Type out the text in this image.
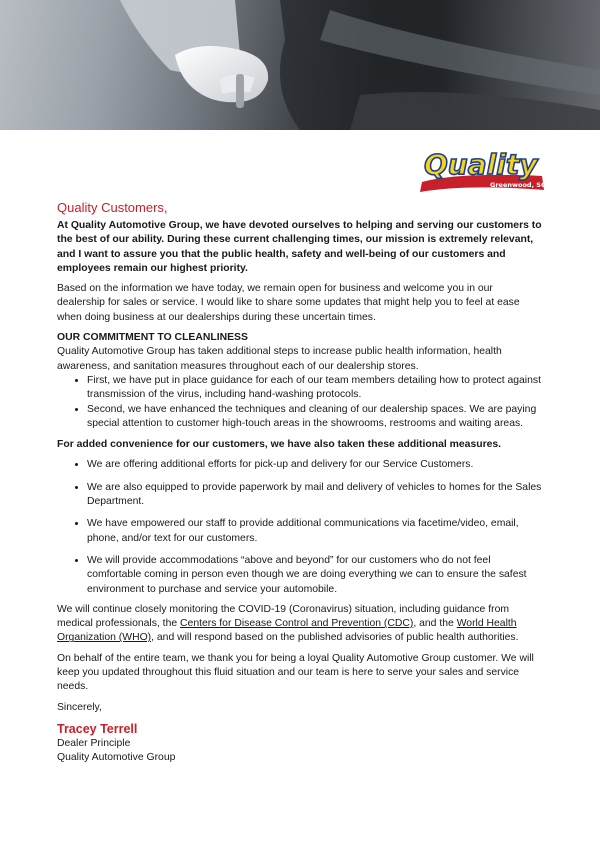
Quality
Greenwood, SC

Quality Customers,

At Quality Automotive Group, we have devoted ourselves to helping and serving our customers to the best of our ability. During these current challenging times, our mission is extremely relevant, and I want to assure you that the public health, safety and well-being of our customers and employees remain our highest priority.

Based on the information we have today, we remain open for business and welcome you in our dealership for sales or service. I would like to share some updates that might help you to feel at ease when doing business at our dealerships during these uncertain times.

OUR COMMITMENT TO CLEANLINESS

Quality Automotive Group has taken additional steps to increase public health information, health awareness, and sanitation measures throughout each of our dealership stores.

• First, we have put in place guidance for each of our team members detailing how to protect against transmission of the virus, including hand-washing protocols.
• Second, we have enhanced the techniques and cleaning of our dealership spaces. We are paying special attention to customer high-touch areas in the showrooms, restrooms and waiting areas.

For added convenience for our customers, we have also taken these additional measures.

• We are offering additional efforts for pick-up and delivery for our Service Customers.
• We are also equipped to provide paperwork by mail and delivery of vehicles to homes for the Sales Department.
• We have empowered our staff to provide additional communications via facetime/video, email, phone, and/or text for our customers.
• We will provide accommodations “above and beyond” for our customers who do not feel comfortable coming in person even though we are doing everything we can to ensure the safest environment to purchase and service your automobile.

We will continue closely monitoring the COVID-19 (Coronavirus) situation, including guidance from medical professionals, the Centers for Disease Control and Prevention (CDC), and the World Health Organization (WHO), and will respond based on the published advisories of public health authorities.

On behalf of the entire team, we thank you for being a loyal Quality Automotive Group customer. We will keep you updated throughout this fluid situation and our team is here to serve your sales and service needs.

Sincerely,

Tracey Terrell

Dealer Principle

Quality Automotive Group
